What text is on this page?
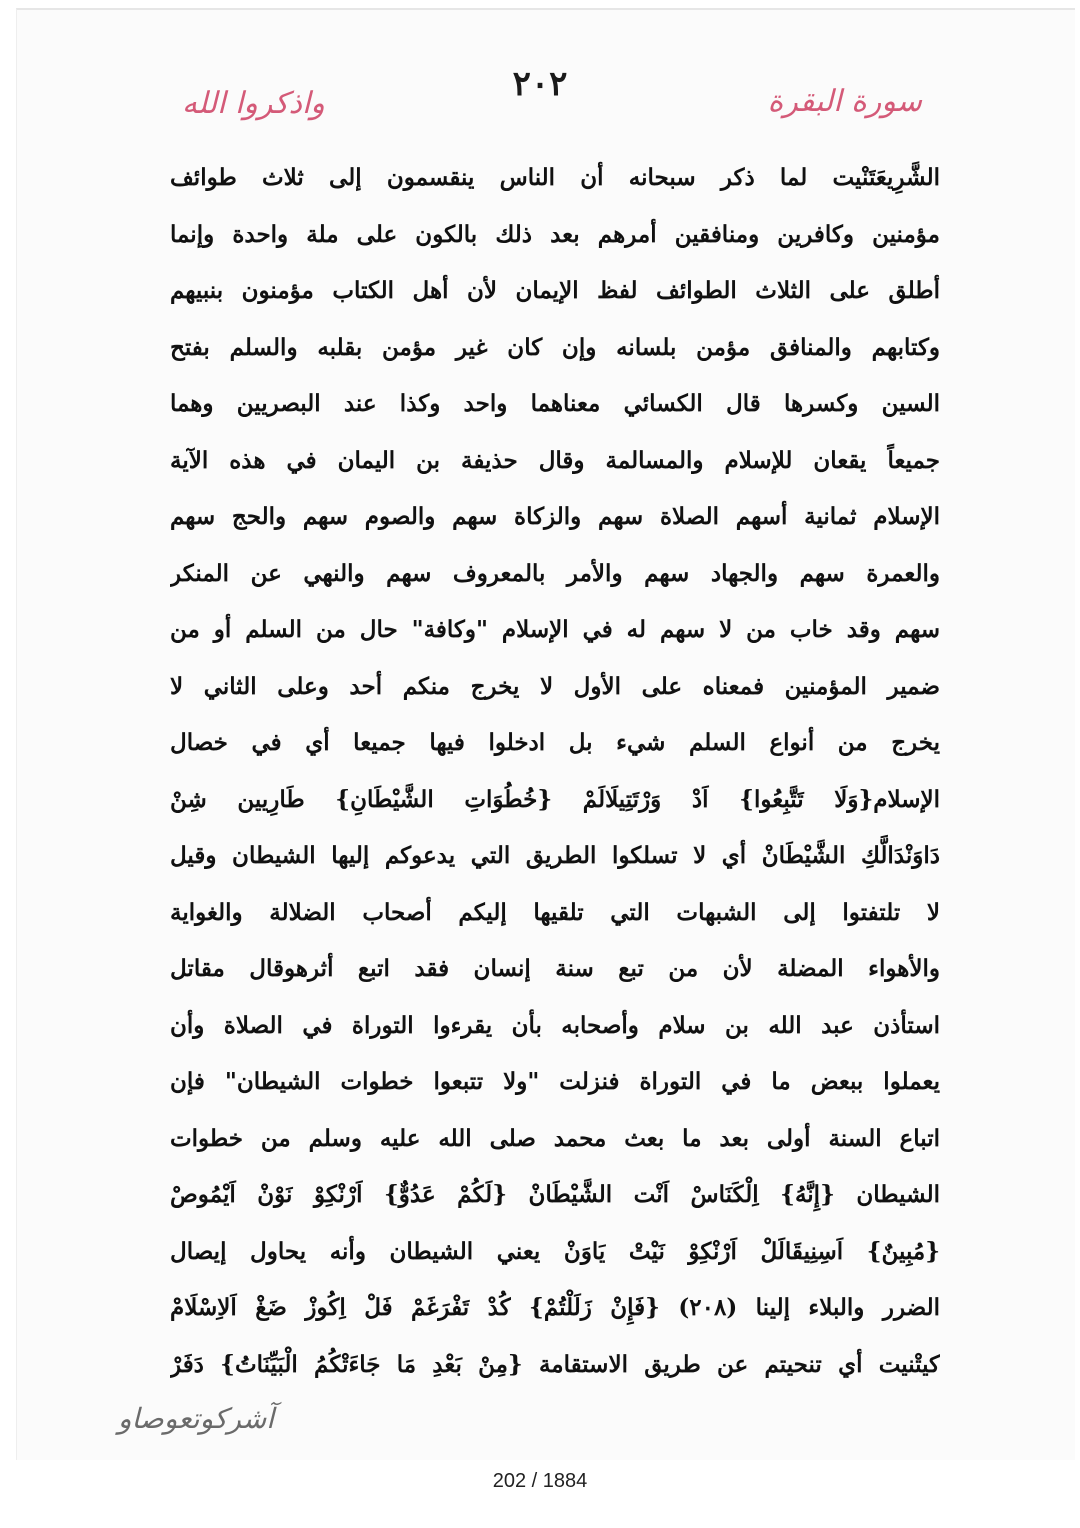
٢٠٢	سورة البقرة
واذكروا الله
الشَّرِيعَتَنْيت لما ذكر سبحانه أن الناس ينقسمون إلى ثلاث طوائف
مؤمنين وكافرين ومنافقين أمرهم بعد ذلك بالكون على ملة واحدة وإنما
أطلق على الثلاث الطوائف لفظ الإيمان لأن أهل الكتاب مؤمنون بنبيهم
وكتابهم والمنافق مؤمن بلسانه وإن كان غير مؤمن بقلبه والسلم بفتح
السين وكسرها قال الكسائي معناهما واحد وكذا عند البصريين وهما
جميعاً يقعان للإسلام والمسالمة وقال حذيفة بن اليمان في هذه الآية
الإسلام ثمانية أسهم الصلاة سهم والزكاة سهم والصوم سهم والحج سهم
والعمرة سهم والجهاد سهم والأمر بالمعروف سهم والنهي عن المنكر
سهم وقد خاب من لا سهم له في الإسلام "وكافة" حال من السلم أو من
ضمير المؤمنين فمعناه على الأول لا يخرج منكم أحد وعلى الثاني لا
يخرج من أنواع السلم شيء بل ادخلوا فيها جميعا أي في خصال
الإسلام{وَلَا تَتَّبِعُوا} اَدْ وَرْتَتِيلَالَمْ {خُطُوَاتِ الشَّيْطَانِ} طَارِيين شِنْ
دَاوَنْدَالَّكِ الشَّيْطَانْ أي لا تسلكوا الطريق التي يدعوكم إليها الشيطان وقيل
لا تلتفتوا إلى الشبهات التي تلقيها إليكم أصحاب الضلالة والغواية
والأهواء المضلة لأن من تبع سنة إنسان فقد اتبع أثرهوقال مقاتل
استأذن عبد الله بن سلام وأصحابه بأن يقرءوا التوراة في الصلاة وأن
يعملوا ببعض ما في التوراة فنزلت "ولا تتبعوا خطوات الشيطان" فإن
اتباع السنة أولى بعد ما بعث محمد صلى الله عليه وسلم من خطوات
الشيطان {إِنَّهُ} اِلْكَنَاسْ اَنْت الشَّيْطَانْ {لَكُمْ عَدُوٌّ} اَرْنْكِوْ نَوْنْ اَيْمُوصْ
{مُبِينٌ} اَسِنِيقَالَلْ اَرْنْكِوْ نَيْتْ يَاوَنْ يعني الشيطان وأنه يحاول إيصال
الضرر والبلاء إلينا (٢٠٨) {فَإِنْ زَلَلْتُمْ} كُدْ تَفْرَغَمْ فَلْ اِكُوزْ ضَغْ اَلاِسْلَامْ
كيتْنيت أي تنحيتم عن طريق الاستقامة {مِنْ بَعْدِ مَا جَاءَتْكُمُ الْبَيِّنَاتُ} دَفَرْ
آشركوتعوصاو
202 / 1884
